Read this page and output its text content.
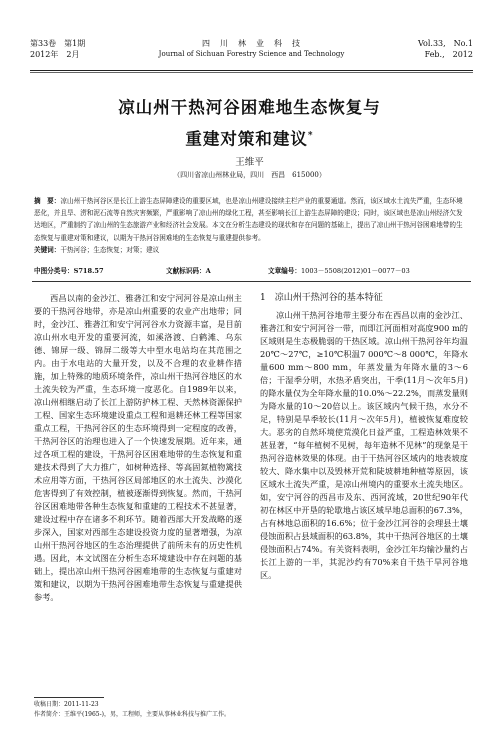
第33卷　第1期
2012年　2月
四　川　林　业　科　技
Journal of Sichuan Forestry Science and Technology
Vol.33,　No.1
Feb.,　2012
凉山州干热河谷困难地生态恢复与
重建对策和建议*
王维平
（四川省凉山州林业局，四川　西昌　615000）
摘　要：凉山州干热河谷区是长江上游生态屏障建设的重要区域，也是凉山州建设接续主栏产业的重要通道。然而，该区域水土流失严重，生态环境恶化，并且旱、涝和泥石流等自然灾害频繁，严重影响了凉山州的绿化工程，甚至影响长江上游生态屏障的建设；同时，该区域也是凉山州经济欠发达地区，严重制约了凉山州的生态旅游产业和经济社会发展。本文在分析生态建设的现状和存在问题的基础上，提出了凉山州干热河谷困难地带的生态恢复与重建对策和建议，以期为干热河谷困难地的生态恢复与重建提供参考。
关键词：干热河谷；生态恢复；对策；建议
中图分类号：S718.57	文献标识码：A	文章编号：1003－5508(2012)01－0077－03

西昌以南的金沙江、雅砻江和安宁河河谷是凉山州主要的干热河谷地带，亦是凉山州重要的农业产出地带；同时，金沙江、雅砻江和安宁河河谷水力资源丰富，是目前凉山州水电开发的重要河流，如溪洛渡、白鹤滩、乌东德、锦屏一级、锦屏二级等大中型水电站均在其范围之内。由于水电站的大量开发，以及不合理的农业耕作措施，加上特殊的地质环境条件，凉山州干热河谷地区的水土流失较为严重，生态环境一度恶化。自1989年以来，凉山州相继启动了长江上游防护林工程、天然林资源保护工程、国家生态环境建设重点工程和退耕还林工程等国家重点工程，干热河谷区的生态环境得到一定程度的改善，干热河谷区的治理也进入了一个快速发展期。近年来，通过各项工程的建设，干热河谷区困难地带的生态恢复和重建技术得到了大力推广，如树种选择、等高固氮植物篱技术应用等方面，干热河谷区局部地区的水土流失、沙漠化危害得到了有效控制，植被逐渐得到恢复。然而，干热河谷区困难地带各种生态恢复和重建的工程技术不甚显著，建设过程中存在诸多不利环节。随着西部大开发战略的逐步深入，国家对西部生态建设投资力度的显著增强，为凉山州干热河谷地区的生态治理提供了前所未有的历史性机遇。因此，本文试图在分析生态环境建设中存在问题的基础上，提出凉山州干热河谷困难地带的生态恢复与重建对策和建议，以期为干热河谷困难地带生态恢复与重建提供参考。

1　 凉山州干热河谷的基本特征

凉山州干热河谷地带主要分布在西昌以南的金沙江、雅砻江和安宁河河谷一带，而即江河面相对高度900 m的区域则是生态极脆弱的干热区域。凉山州干热河谷年均温20℃～27℃，≥10℃积温7 000℃～8 000℃，年降水量600 mm～800 mm，年蒸发量为年降水量的3～6倍；干湿季分明，水热矛盾突出，干季(11月～次年5月)的降水量仅为全年降水量的10.0%～22.2%，而蒸发量则为降水量的10～20倍以上。该区域内气候干热，水分不足，特别是旱季较长(11月～次年5月)，植被恢复难度较大。恶劣的自然环境使荒漠化日益严重，工程造林效果不甚显著，“每年植树不见树，每年造林不见林”的现象是干热河谷造林效果的体现。由于干热河谷区域内的地表坡度较大、降水集中以及毁林开荒和陡坡耕地种植等原因，该区域水土流失严重，是凉山州境内的重要水土流失地区。如，安宁河谷的西昌市及东、西河流域，20世纪90年代初在林区中开垦的轮歇地占该区域早地总面积的67.3%，占有林地总面积的16.6%；位于金沙江河谷的会理县土壤侵蚀面积占县域面积的63.8%，其中干热河谷地区的土壤侵蚀面积占74%。有关资料表明，金沙江年均输沙量约占长江上游的一半，其泥沙约有70%来自干热干旱河谷地区。

收稿日期：2011-11-23
作者简介：王维平(1965-)，男，工程师，主要从事林业科技与推广工作。
